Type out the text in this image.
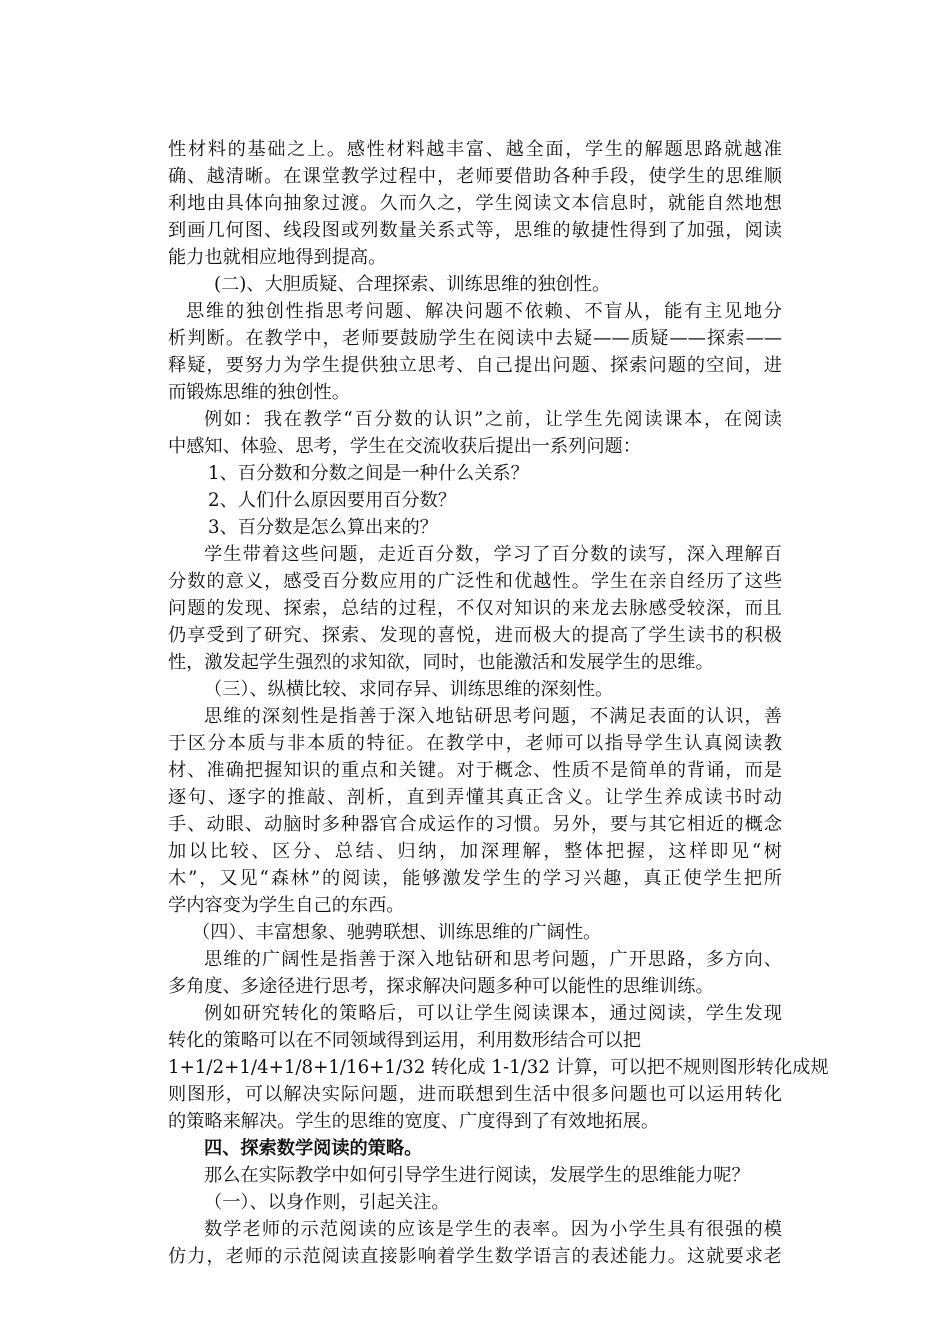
性材料的基础之上。感性材料越丰富、越全面，学生的解题思路就越准
确、越清晰。在课堂教学过程中，老师要借助各种手段，使学生的思维顺
利地由具体向抽象过渡。久而久之，学生阅读文本信息时，就能自然地想
到画几何图、线段图或列数量关系式等，思维的敏捷性得到了加强，阅读
能力也就相应地得到提高。
(二)、大胆质疑、合理探索、训练思维的独创性。
思维的独创性指思考问题、解决问题不依赖、不盲从，能有主见地分
析判断。在教学中，老师要鼓励学生在阅读中去疑——质疑——探索——
释疑，要努力为学生提供独立思考、自己提出问题、探索问题的空间，进
而锻炼思维的独创性。
例如：我在教学“百分数的认识”之前，让学生先阅读课本，在阅读
中感知、体验、思考，学生在交流收获后提出一系列问题：
1、百分数和分数之间是一种什么关系？
2、人们什么原因要用百分数？
3、百分数是怎么算出来的？
学生带着这些问题，走近百分数，学习了百分数的读写，深入理解百
分数的意义，感受百分数应用的广泛性和优越性。学生在亲自经历了这些
问题的发现、探索，总结的过程，不仅对知识的来龙去脉感受较深，而且
仍享受到了研究、探索、发现的喜悦，进而极大的提高了学生读书的积极
性，激发起学生强烈的求知欲，同时，也能激活和发展学生的思维。
（三）、纵横比较、求同存异、训练思维的深刻性。
思维的深刻性是指善于深入地钻研思考问题，不满足表面的认识，善
于区分本质与非本质的特征。在教学中，老师可以指导学生认真阅读教
材、准确把握知识的重点和关键。对于概念、性质不是简单的背诵，而是
逐句、逐字的推敲、剖析，直到弄懂其真正含义。让学生养成读书时动
手、动眼、动脑时多种器官合成运作的习惯。另外，要与其它相近的概念
加以比较、区分、总结、归纳，加深理解，整体把握，这样即见“树
木”，又见“森林”的阅读，能够激发学生的学习兴趣，真正使学生把所
学内容变为学生自己的东西。
（四）、丰富想象、驰骋联想、训练思维的广阔性。
思维的广阔性是指善于深入地钻研和思考问题，广开思路，多方向、
多角度、多途径进行思考，探求解决问题多种可以能性的思维训练。
例如研究转化的策略后，可以让学生阅读课本，通过阅读，学生发现
转化的策略可以在不同领域得到运用，利用数形结合可以把
1+1/2+1/4+1/8+1/16+1/32 转化成 1-1/32 计算，可以把不规则图形转化成规
则图形，可以解决实际问题，进而联想到生活中很多问题也可以运用转化
的策略来解决。学生的思维的宽度、广度得到了有效地拓展。
四、探索数学阅读的策略。
那么在实际教学中如何引导学生进行阅读，发展学生的思维能力呢？
（一）、以身作则，引起关注。
数学老师的示范阅读的应该是学生的表率。因为小学生具有很强的模
仿力，老师的示范阅读直接影响着学生数学语言的表述能力。这就要求老
